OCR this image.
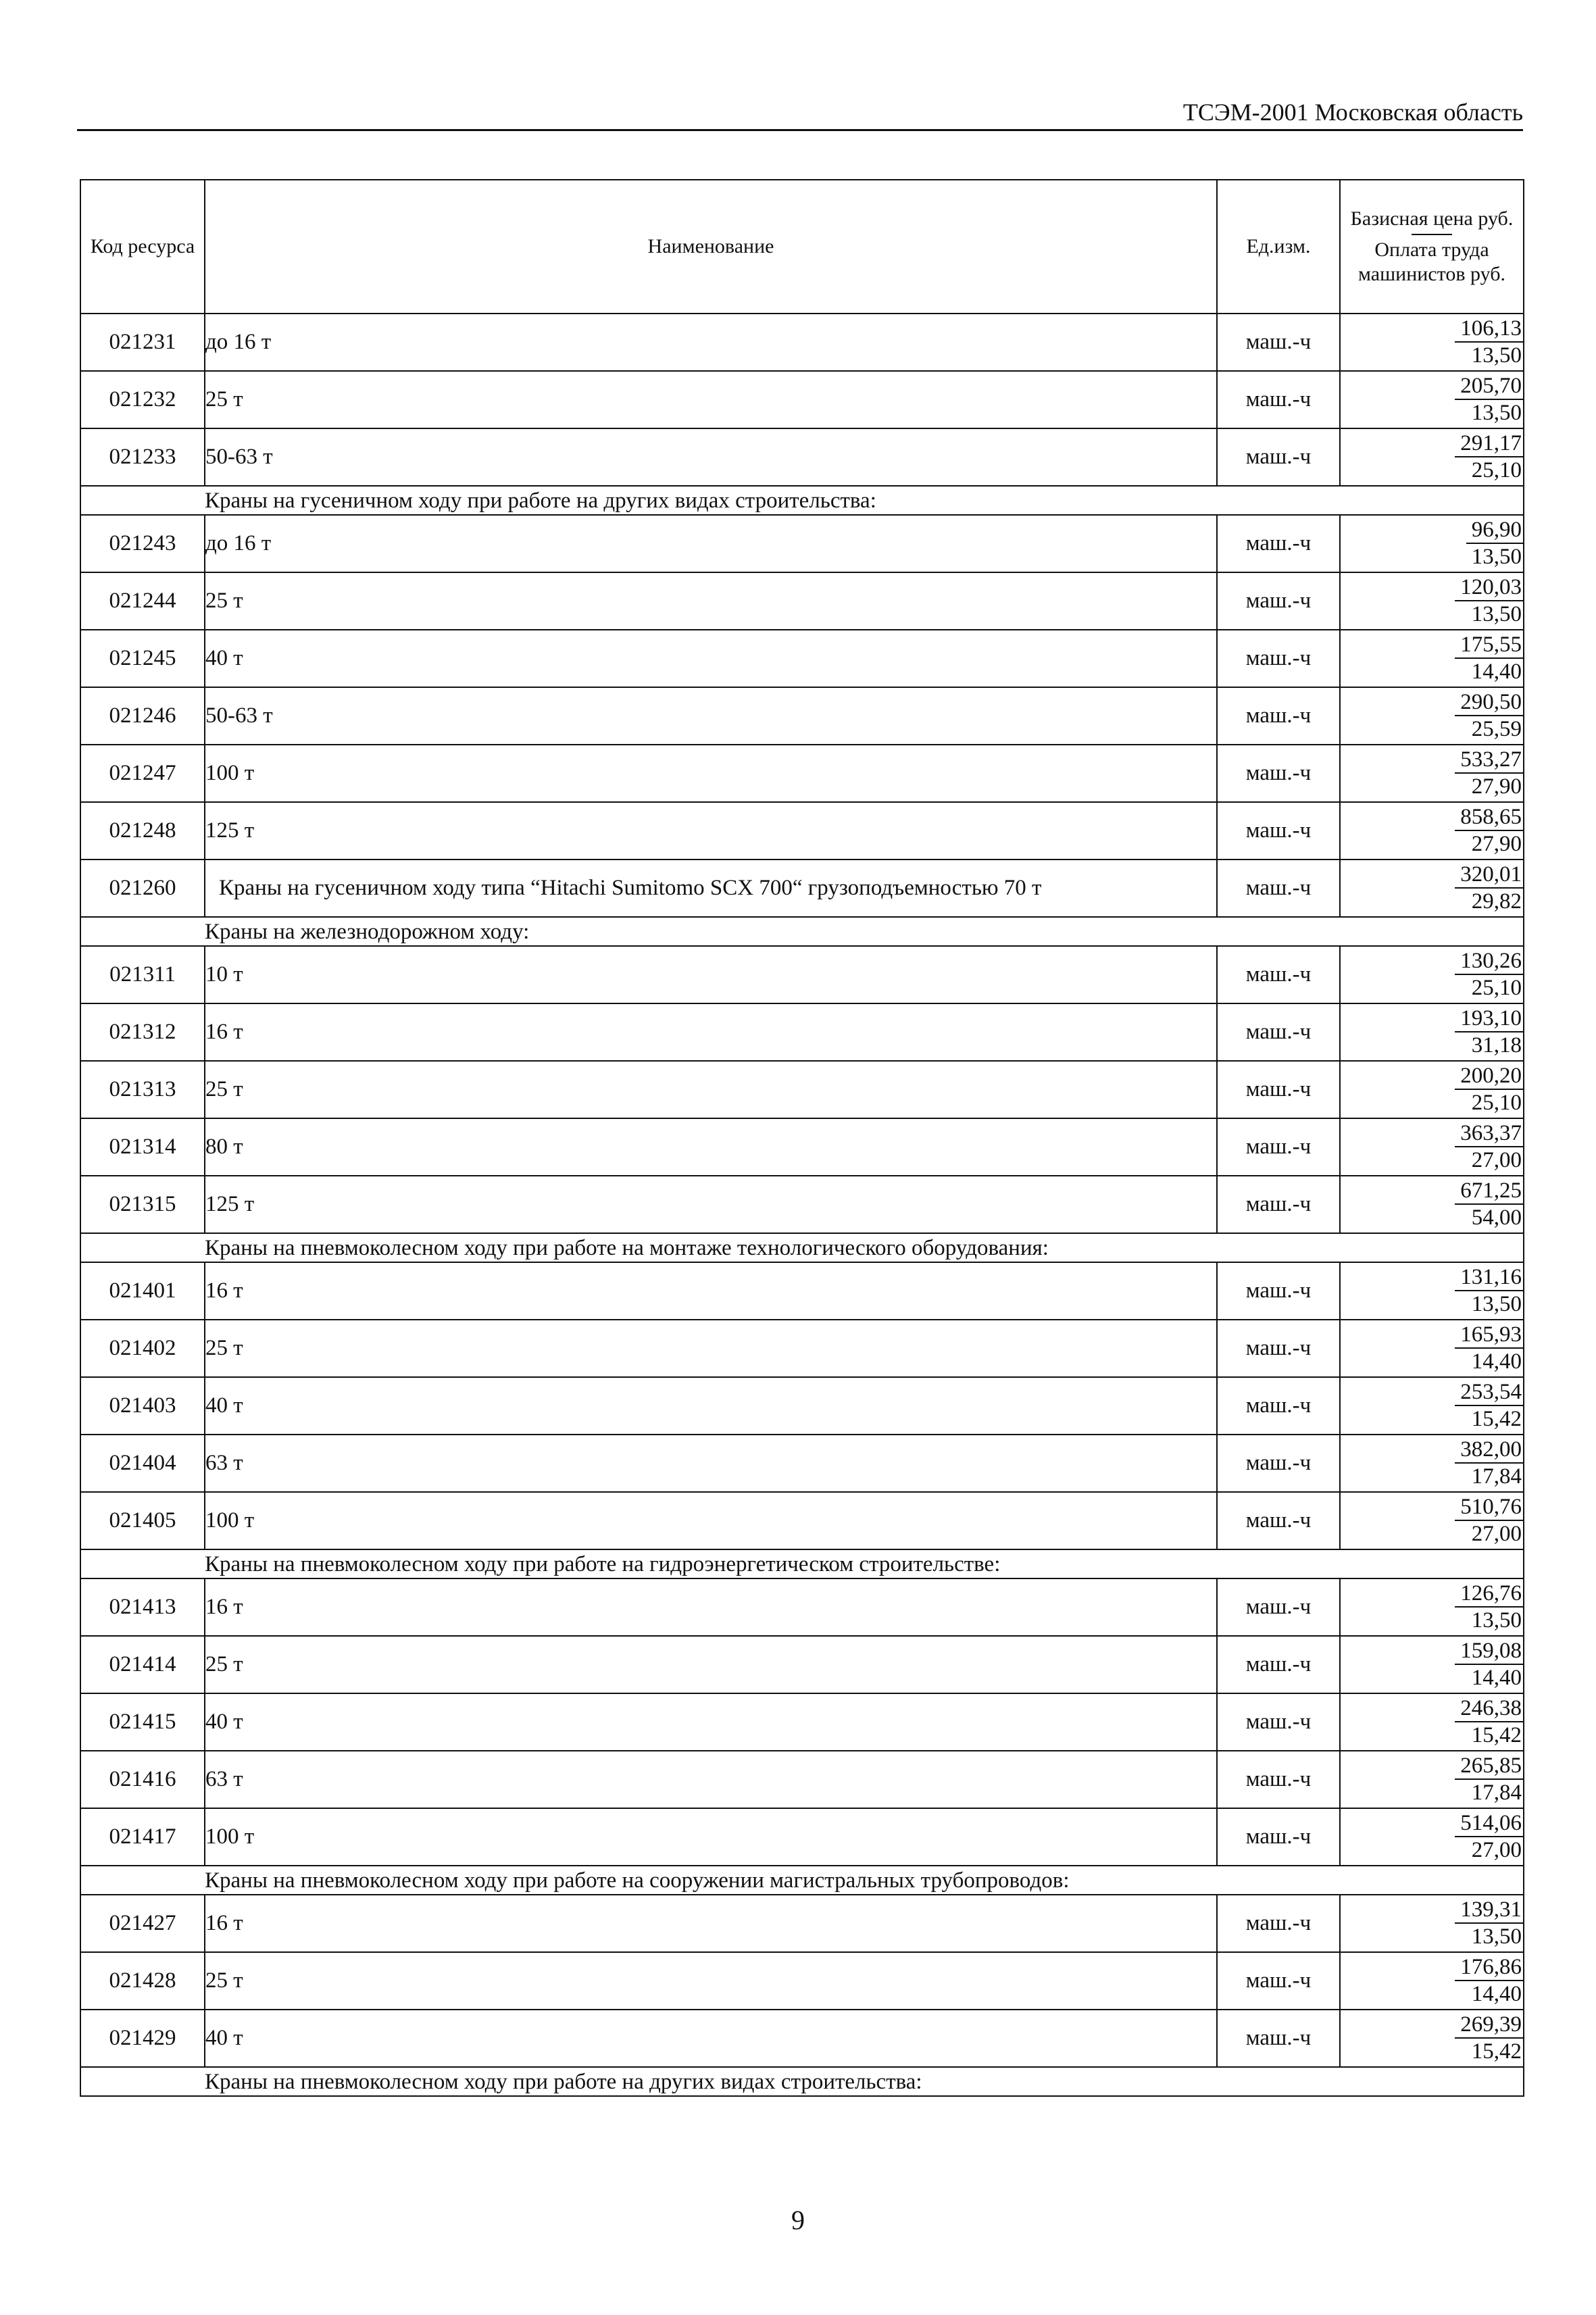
ТСЭМ-2001 Московская область
Код ресурса	Наименование	Ед.изм.	Базисная цена руб.
Оплата труда машинистов руб.
021231	до 16 т	маш.-ч	$\frac{106,13}{13,50}$

021232	25 т	маш.-ч	$\frac{205,70}{13,50}$

021233	50-63 т	маш.-ч	$\frac{291,17}{25,10}$

	Краны на гусеничном ходу при работе на других видах строительства:		
021243	до 16 т	маш.-ч	$\frac{96,90}{13,50}$

021244	25 т	маш.-ч	$\frac{120,03}{13,50}$

021245	40 т	маш.-ч	$\frac{175,55}{14,40}$

021246	50-63 т	маш.-ч	$\frac{290,50}{25,59}$

021247	100 т	маш.-ч	$\frac{533,27}{27,90}$

021248	125 т	маш.-ч	$\frac{858,65}{27,90}$

021260	Краны на гусеничном ходу типа “Hitachi Sumitomo SCX 700“ грузоподъемностью 70 т	маш.-ч	$\frac{320,01}{29,82}$

	Краны на железнодорожном ходу:		
021311	10 т	маш.-ч	$\frac{130,26}{25,10}$

021312	16 т	маш.-ч	$\frac{193,10}{31,18}$

021313	25 т	маш.-ч	$\frac{200,20}{25,10}$

021314	80 т	маш.-ч	$\frac{363,37}{27,00}$

021315	125 т	маш.-ч	$\frac{671,25}{54,00}$

	Краны на пневмоколесном ходу при работе на монтаже технологического оборудования:		
021401	16 т	маш.-ч	$\frac{131,16}{13,50}$

021402	25 т	маш.-ч	$\frac{165,93}{14,40}$

021403	40 т	маш.-ч	$\frac{253,54}{15,42}$

021404	63 т	маш.-ч	$\frac{382,00}{17,84}$

021405	100 т	маш.-ч	$\frac{510,76}{27,00}$

	Краны на пневмоколесном ходу при работе на гидроэнергетическом строительстве:		
021413	16 т	маш.-ч	$\frac{126,76}{13,50}$

021414	25 т	маш.-ч	$\frac{159,08}{14,40}$

021415	40 т	маш.-ч	$\frac{246,38}{15,42}$

021416	63 т	маш.-ч	$\frac{265,85}{17,84}$

021417	100 т	маш.-ч	$\frac{514,06}{27,00}$

	Краны на пневмоколесном ходу при работе на сооружении магистральных трубопроводов:		
021427	16 т	маш.-ч	$\frac{139,31}{13,50}$

021428	25 т	маш.-ч	$\frac{176,86}{14,40}$

021429	40 т	маш.-ч	$\frac{269,39}{15,42}$

	Краны на пневмоколесном ходу при работе на других видах строительства:		
9
